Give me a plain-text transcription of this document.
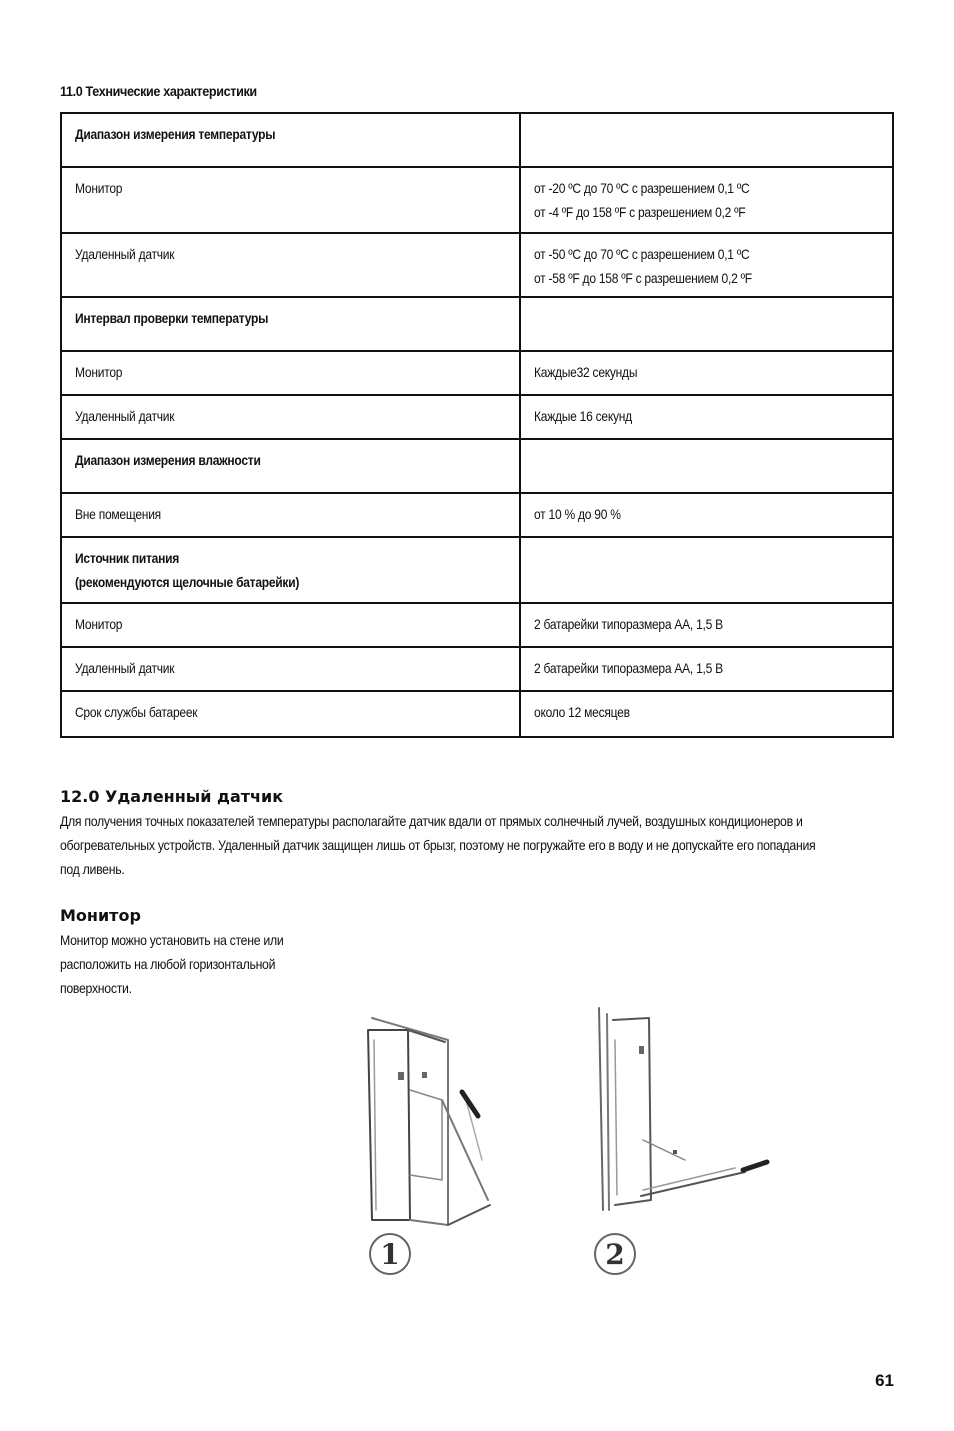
11.0 Технические характеристики
Диапазон измерения температуры	

Монитор	от -20 ºC до 70 ºC с разрешением 0,1 ºC
от -4 ºF до 158 ºF с разрешением 0,2 ºF

Удаленный датчик	от -50 ºC до 70 ºC с разрешением 0,1 ºC
от -58 ºF до 158 ºF с разрешением 0,2 ºF

Интервал проверки температуры	

Монитор	Каждые32 секунды

Удаленный датчик	Каждые 16 секунд

Диапазон измерения влажности	

Вне помещения	от 10 % до 90 %

Источник питания
(рекомендуются щелочные батарейки)	

Монитор	2 батарейки типоразмера AA, 1,5 В

Удаленный датчик	2 батарейки типоразмера AA, 1,5 В

Срок службы батареек	около 12 месяцев
12.0 Удаленный датчик
Для получения точных показателей температуры располагайте датчик вдали от прямых солнечный лучей, воздушных кондиционеров и
обогревательных устройств. Удаленный датчик защищен лишь от брызг, поэтому не погружайте его в воду и не допускайте его попадания
под ливень.
Монитор
Монитор можно установить на стене или
расположить на любой горизонтальной
поверхности.
1	2
61
